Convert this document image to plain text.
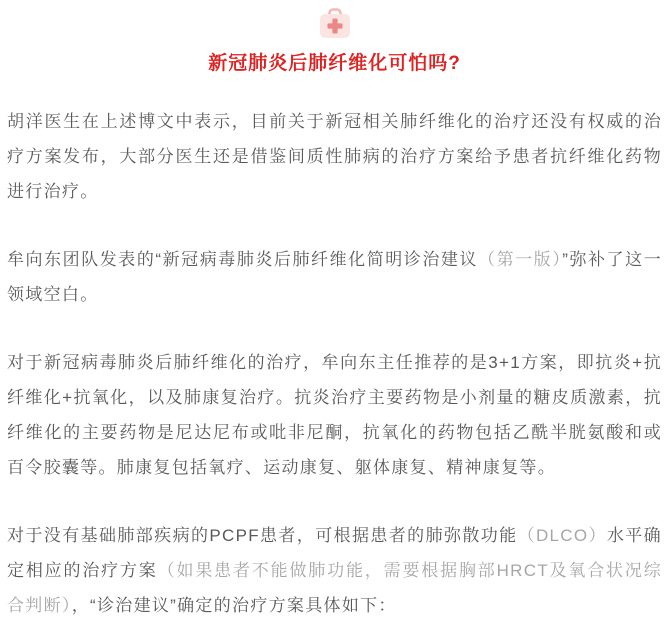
新冠肺炎后肺纤维化可怕吗?

胡洋医生在上述博文中表示，目前关于新冠相关肺纤维化的治疗还没有权威的治疗方案发布，大部分医生还是借鉴间质性肺病的治疗方案给予患者抗纤维化药物进行治疗。

牟向东团队发表的“新冠病毒肺炎后肺纤维化简明诊治建议（第一版）”弥补了这一领域空白。

对于新冠病毒肺炎后肺纤维化的治疗，牟向东主任推荐的是3+1方案，即抗炎+抗纤维化+抗氧化，以及肺康复治疗。抗炎治疗主要药物是小剂量的糖皮质激素，抗纤维化的主要药物是尼达尼布或吡非尼酮，抗氧化的药物包括乙酰半胱氨酸和或百令胶囊等。肺康复包括氧疗、运动康复、躯体康复、精神康复等。

对于没有基础肺部疾病的PCPF患者，可根据患者的肺弥散功能（DLCO）水平确定相应的治疗方案（如果患者不能做肺功能，需要根据胸部HRCT及氧合状况综合判断），“诊治建议”确定的治疗方案具体如下：
